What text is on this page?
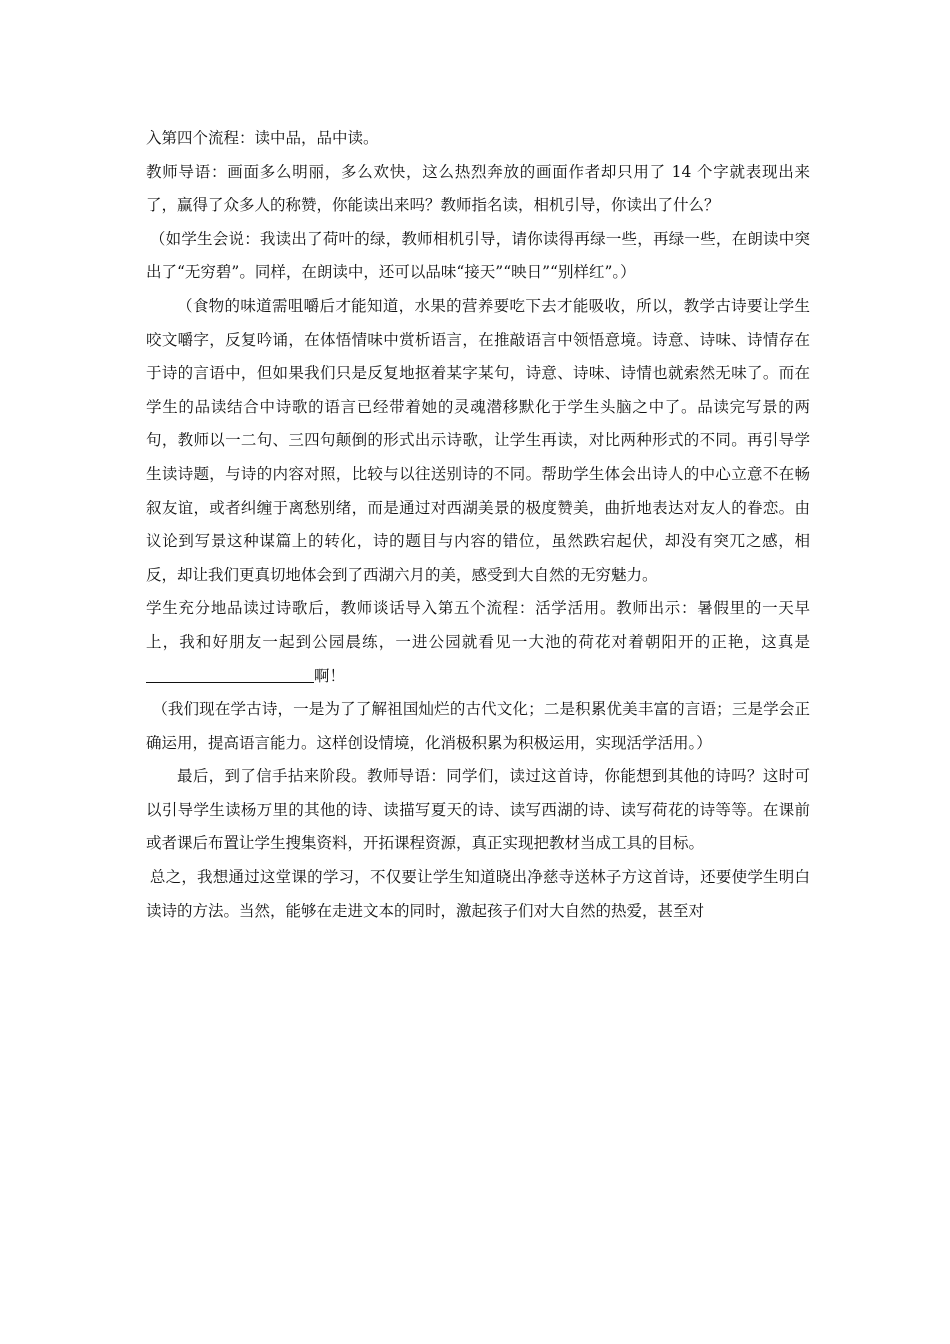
入第四个流程：读中品，品中读。

教师导语：画面多么明丽，多么欢快，这么热烈奔放的画面作者却只用了 14 个字就表现出来了，赢得了众多人的称赞，你能读出来吗？教师指名读，相机引导，你读出了什么？

（如学生会说：我读出了荷叶的绿，教师相机引导，请你读得再绿一些，再绿一些，在朗读中突出了“无穷碧”。同样，在朗读中，还可以品味“接天”“映日”“别样红”。）

（食物的味道需咀嚼后才能知道，水果的营养要吃下去才能吸收，所以，教学古诗要让学生咬文嚼字，反复吟诵，在体悟情味中赏析语言，在推敲语言中领悟意境。诗意、诗味、诗情存在于诗的言语中，但如果我们只是反复地抠着某字某句，诗意、诗味、诗情也就索然无味了。而在学生的品读结合中诗歌的语言已经带着她的灵魂潜移默化于学生头脑之中了。品读完写景的两句，教师以一二句、三四句颠倒的形式出示诗歌，让学生再读，对比两种形式的不同。再引导学生读诗题，与诗的内容对照，比较与以往送别诗的不同。帮助学生体会出诗人的中心立意不在畅叙友谊，或者纠缠于离愁别绪，而是通过对西湖美景的极度赞美，曲折地表达对友人的眷恋。由议论到写景这种谋篇上的转化，诗的题目与内容的错位，虽然跌宕起伏，却没有突兀之感，相反，却让我们更真切地体会到了西湖六月的美，感受到大自然的无穷魅力。

学生充分地品读过诗歌后，教师谈话导入第五个流程：活学活用。教师出示：暑假里的一天早上，我和好朋友一起到公园晨练，一进公园就看见一大池的荷花对着朝阳开的正艳，这真是啊！

（我们现在学古诗，一是为了了解祖国灿烂的古代文化；二是积累优美丰富的言语；三是学会正确运用，提高语言能力。这样创设情境，化消极积累为积极运用，实现活学活用。）

最后，到了信手拈来阶段。教师导语：同学们，读过这首诗，你能想到其他的诗吗？这时可以引导学生读杨万里的其他的诗、读描写夏天的诗、读写西湖的诗、读写荷花的诗等等。在课前或者课后布置让学生搜集资料，开拓课程资源，真正实现把教材当成工具的目标。

总之，我想通过这堂课的学习，不仅要让学生知道晓出净慈寺送林子方这首诗，还要使学生明白读诗的方法。当然，能够在走进文本的同时，激起孩子们对大自然的热爱，甚至对
